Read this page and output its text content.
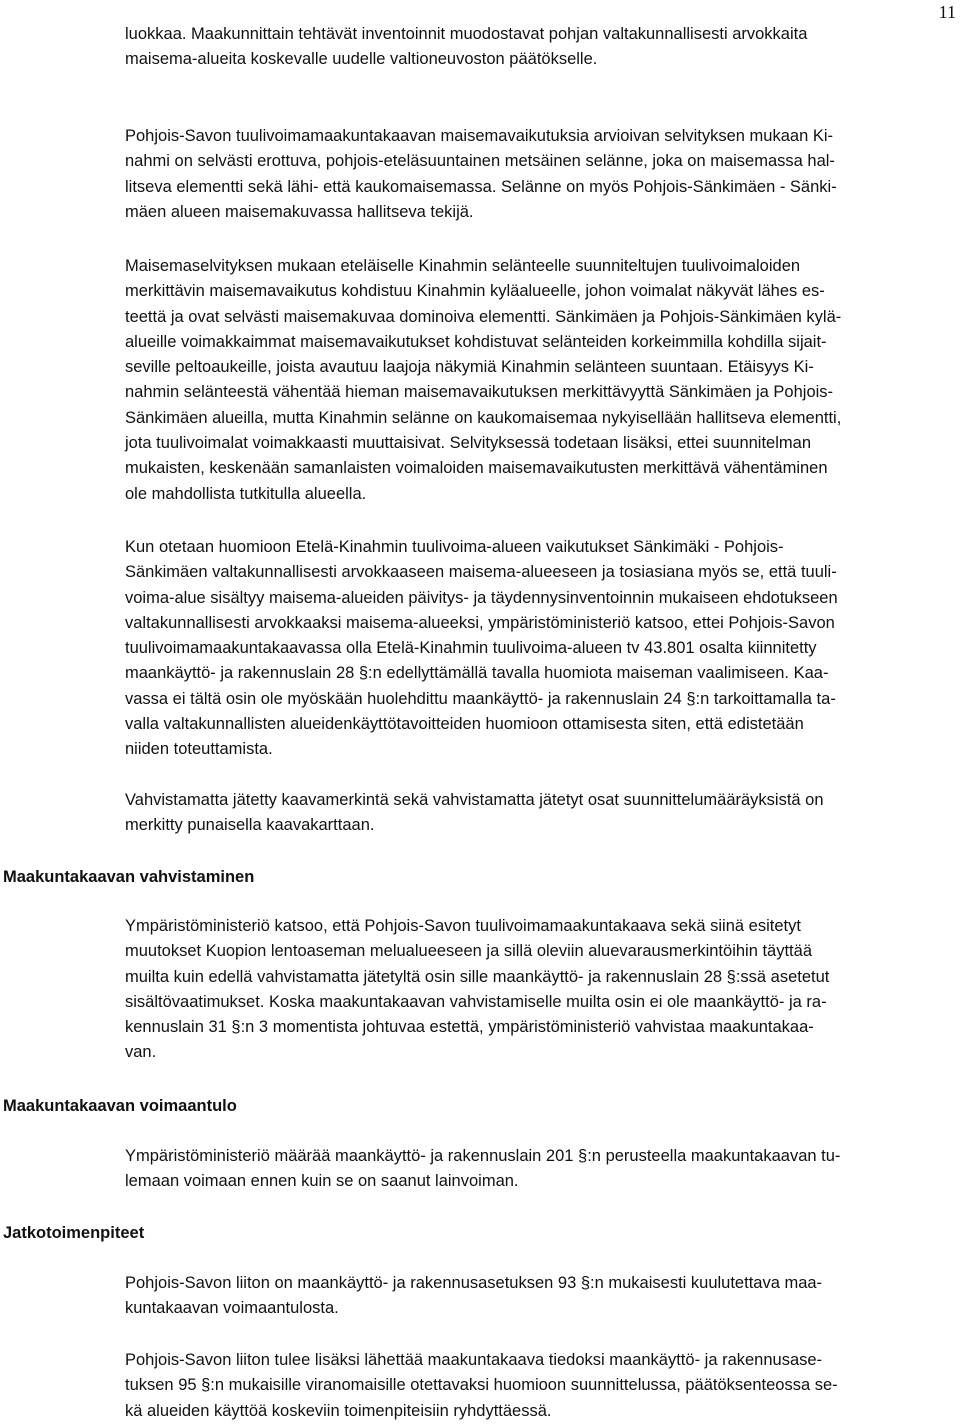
11
luokkaa. Maakunnittain tehtävät inventoinnit muodostavat pohjan valtakunnallisesti arvokkaita
maisema-alueita koskevalle uudelle valtioneuvoston päätökselle.
Pohjois-Savon tuulivoimamaakuntakaavan maisemavaikutuksia arvioivan selvityksen mukaan Ki-
nahmi on selvästi erottuva, pohjois-eteläsuuntainen metsäinen selänne, joka on maisemassa hal-
litseva elementti sekä lähi- että kaukomaisemassa. Selänne on myös Pohjois-Sänkimäen - Sänki-
mäen alueen maisemakuvassa hallitseva tekijä.
Maisemaselvityksen mukaan eteläiselle Kinahmin selänteelle suunniteltujen tuulivoimaloiden
merkittävin maisemavaikutus kohdistuu Kinahmin kyläalueelle, johon voimalat näkyvät lähes es-
teettä ja ovat selvästi maisemakuvaa dominoiva elementti. Sänkimäen ja Pohjois-Sänkimäen kylä-
alueille voimakkaimmat maisemavaikutukset kohdistuvat selänteiden korkeimmilla kohdilla sijait-
seville peltoaukeille, joista avautuu laajoja näkymiä Kinahmin selänteen suuntaan. Etäisyys Ki-
nahmin selänteestä vähentää hieman maisemavaikutuksen merkittävyyttä Sänkimäen ja Pohjois-
Sänkimäen alueilla, mutta Kinahmin selänne on kaukomaisemaa nykyisellään hallitseva elementti,
jota tuulivoimalat voimakkaasti muuttaisivat. Selvityksessä todetaan lisäksi, ettei suunnitelman
mukaisten, keskenään samanlaisten voimaloiden maisemavaikutusten merkittävä vähentäminen
ole mahdollista tutkitulla alueella.
Kun otetaan huomioon Etelä-Kinahmin tuulivoima-alueen vaikutukset Sänkimäki - Pohjois-
Sänkimäen valtakunnallisesti arvokkaaseen maisema-alueeseen ja tosiasiana myös se, että tuuli-
voima-alue sisältyy maisema-alueiden päivitys- ja täydennysinventoinnin mukaiseen ehdotukseen
valtakunnallisesti arvokkaaksi maisema-alueeksi, ympäristöministeriö katsoo, ettei Pohjois-Savon
tuulivoimamaakuntakaavassa olla Etelä-Kinahmin tuulivoima-alueen tv 43.801 osalta kiinnitetty
maankäyttö- ja rakennuslain 28 §:n edellyttämällä tavalla huomiota maiseman vaalimiseen. Kaa-
vassa ei tältä osin ole myöskään huolehdittu maankäyttö- ja rakennuslain 24 §:n tarkoittamalla ta-
valla valtakunnallisten alueidenkäyttötavoitteiden huomioon ottamisesta siten, että edistetään
niiden toteuttamista.
Vahvistamatta jätetty kaavamerkintä sekä vahvistamatta jätetyt osat suunnittelumääräyksistä on
merkitty punaisella kaavakarttaan.
Maakuntakaavan vahvistaminen
Ympäristöministeriö katsoo, että Pohjois-Savon tuulivoimamaakuntakaava sekä siinä esitetyt
muutokset Kuopion lentoaseman melualueeseen ja sillä oleviin aluevarausmerkintöihin täyttää
muilta kuin edellä vahvistamatta jätetyltä osin sille maankäyttö- ja rakennuslain 28 §:ssä asetetut
sisältövaatimukset. Koska maakuntakaavan vahvistamiselle muilta osin ei ole maankäyttö- ja ra-
kennuslain 31 §:n 3 momentista johtuvaa estettä, ympäristöministeriö vahvistaa maakuntakaa-
van.
Maakuntakaavan voimaantulo
Ympäristöministeriö määrää maankäyttö- ja rakennuslain 201 §:n perusteella maakuntakaavan tu-
lemaan voimaan ennen kuin se on saanut lainvoiman.
Jatkotoimenpiteet
Pohjois-Savon liiton on maankäyttö- ja rakennusasetuksen 93 §:n mukaisesti kuulutettava maa-
kuntakaavan voimaantulosta.
Pohjois-Savon liiton tulee lisäksi lähettää maakuntakaava tiedoksi maankäyttö- ja rakennusase-
tuksen 95 §:n mukaisille viranomaisille otettavaksi huomioon suunnittelussa, päätöksenteossa se-
kä alueiden käyttöä koskeviin toimenpiteisiin ryhdyttäessä.
